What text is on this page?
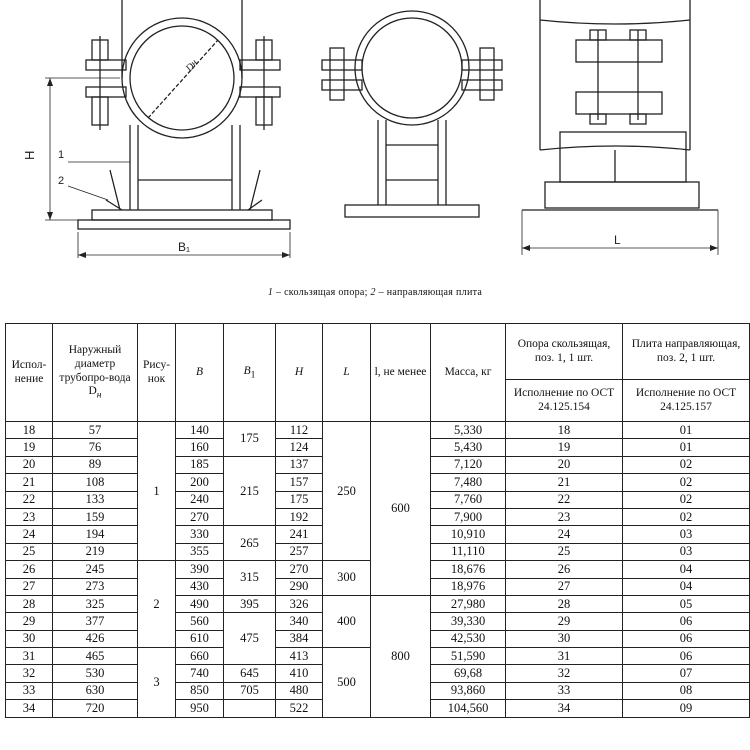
Dн
H 1
2
B₁	L
1 – скользящая опора; 2 – направляющая плита
Испол-нение	Наружный диаметр трубопро-вода $D_н$	Рису-нок	B	$B_1$	H	L	l, не менее	Масса, кг	Опора скользящая, поз. 1, 1 шт.	Плита направляющая, поз. 2, 1 шт.
									Исполнение по ОСТ 24.125.154	Исполнение по ОСТ 24.125.157
18	57	1	140	175	112	250	600	5,330	18	01
19	76		160		124			5,430	19	01
20	89		185	215	137			7,120	20	02
21	108		200		157			7,480	21	02
22	133		240		175			7,760	22	02
23	159		270		192			7,900	23	02
24	194		330	265	241			10,910	24	03
25	219		355		257			11,110	25	03
26	245	2	390	315	270	300		18,676	26	04
27	273		430		290			18,976	27	04
28	325		490	395	326	400	800	27,980	28	05
29	377		560	475	340			39,330	29	06
30	426		610		384			42,530	30	06
31	465	3	660		413	500		51,590	31	06
32	530		740	645	410			69,68	32	07
33	630		850	705	480			93,860	33	08
34	720		950		522			104,560	34	09
